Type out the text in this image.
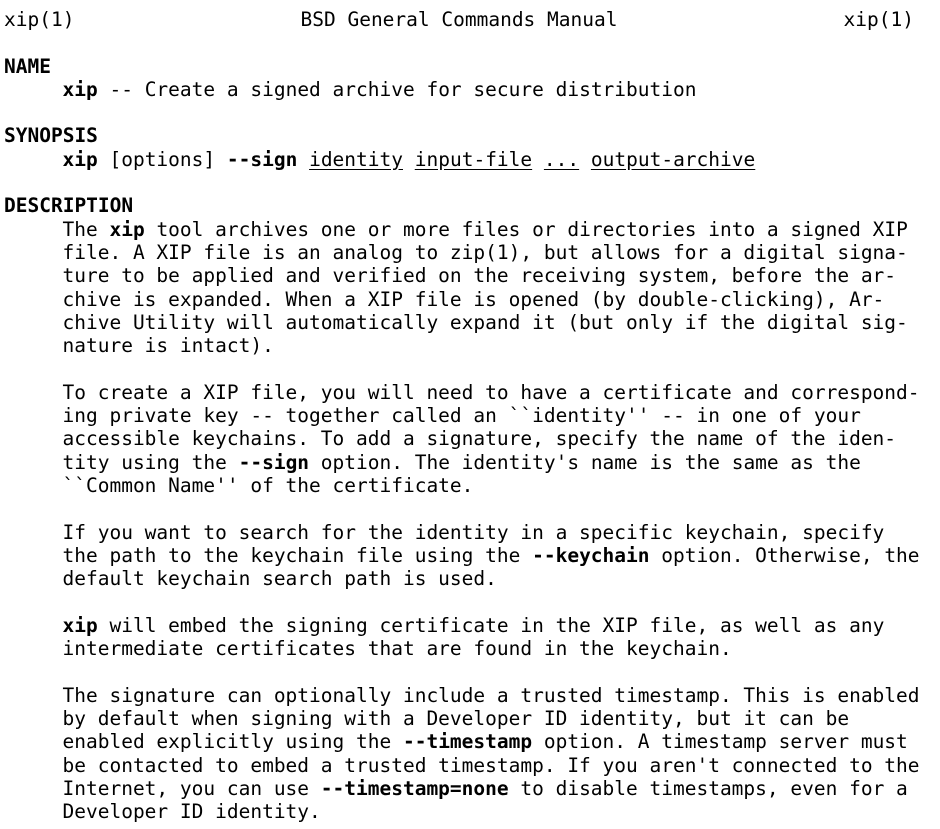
xip(1)	BSD General Commands Manual	xip(1)
NAME
xip -- Create a signed archive for secure distribution
SYNOPSIS
xip [options] --sign identity input-file ... output-archive
DESCRIPTION
The xip tool archives one or more files or directories into a signed XIP
file. A XIP file is an analog to zip(1), but allows for a digital signa-
ture to be applied and verified on the receiving system, before the ar-
chive is expanded. When a XIP file is opened (by double-clicking), Ar-
chive Utility will automatically expand it (but only if the digital sig-
nature is intact).
To create a XIP file, you will need to have a certificate and correspond-
ing private key -- together called an ``identity'' -- in one of your
accessible keychains. To add a signature, specify the name of the iden-
tity using the --sign option. The identity's name is the same as the
``Common Name'' of the certificate.
If you want to search for the identity in a specific keychain, specify
the path to the keychain file using the --keychain option. Otherwise, the
default keychain search path is used.
xip will embed the signing certificate in the XIP file, as well as any
intermediate certificates that are found in the keychain.
The signature can optionally include a trusted timestamp. This is enabled
by default when signing with a Developer ID identity, but it can be
enabled explicitly using the --timestamp option. A timestamp server must
be contacted to embed a trusted timestamp. If you aren't connected to the
Internet, you can use --timestamp=none to disable timestamps, even for a
Developer ID identity.
